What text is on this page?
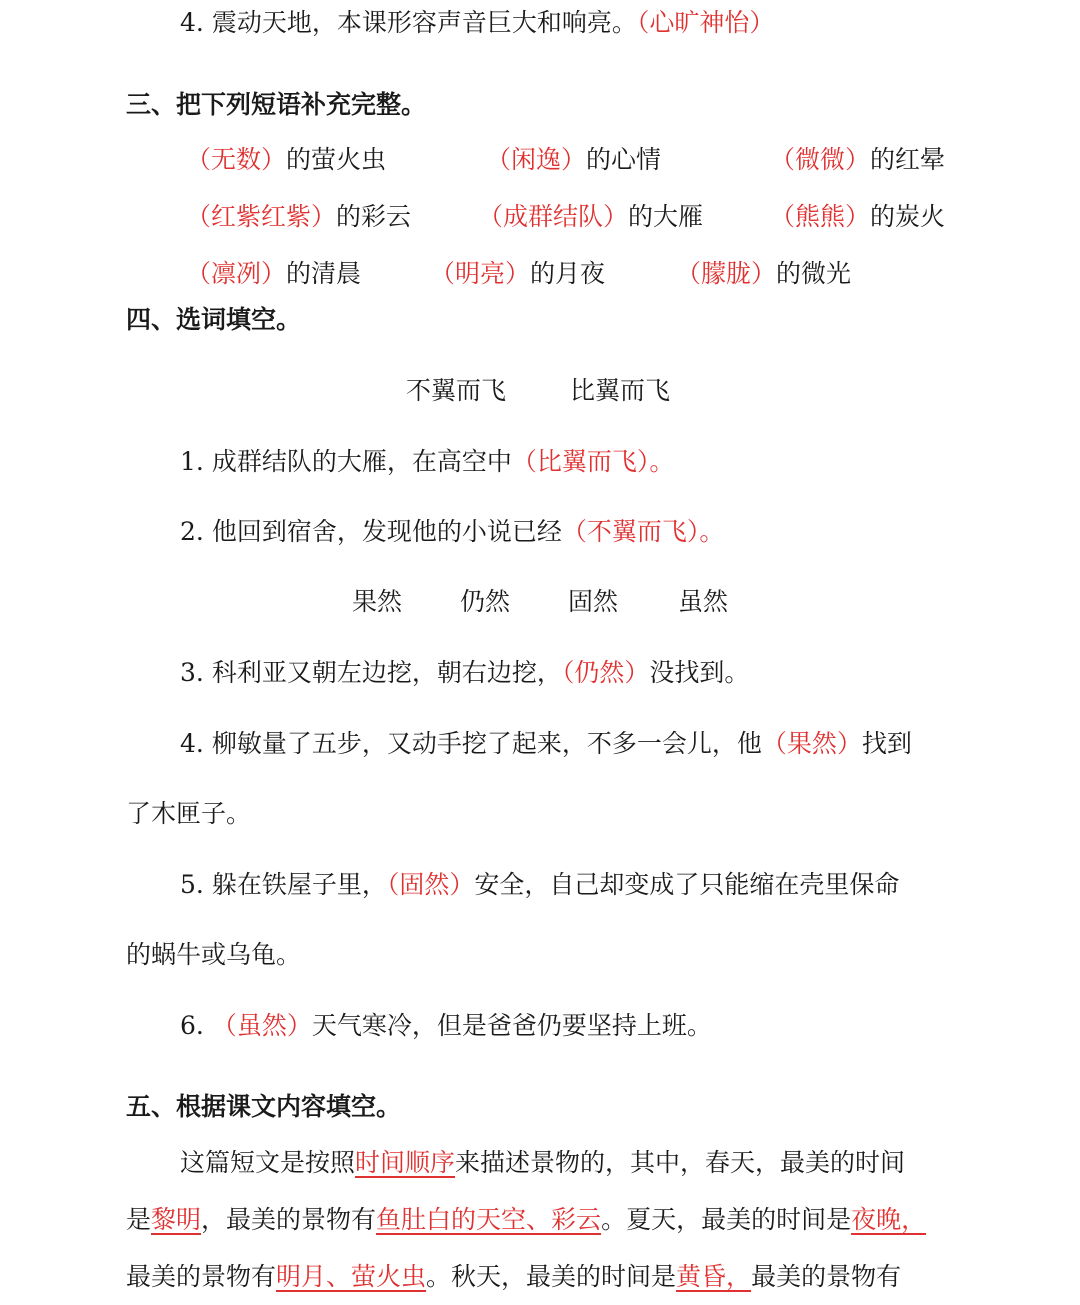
4. 震动天地，本课形容声音巨大和响亮。（心旷神怡）
三、把下列短语补充完整。
（无数）的萤火虫	（闲逸）的心情	（微微）的红晕
（红紫红紫）的彩云	（成群结队）的大雁	（熊熊）的炭火
（凛冽）的清晨	（明亮）的月夜	（朦胧）的微光
四、选词填空。
不翼而飞	比翼而飞
1. 成群结队的大雁，在高空中（比翼而飞）。
2. 他回到宿舍，发现他的小说已经（不翼而飞）。
果然 仍然 固然 虽然
3. 科利亚又朝左边挖，朝右边挖，（仍然）没找到。
4. 柳敏量了五步，又动手挖了起来，不多一会儿，他（果然）找到
了木匣子。
5. 躲在铁屋子里，（固然）安全，自己却变成了只能缩在壳里保命
的蜗牛或乌龟。
6. （虽然）天气寒冷，但是爸爸仍要坚持上班。
五、根据课文内容填空。
这篇短文是按照时间顺序来描述景物的，其中，春天，最美的时间
是黎明，最美的景物有鱼肚白的天空、彩云。夏天，最美的时间是夜晚，
最美的景物有明月、萤火虫。秋天，最美的时间是黄昏，最美的景物有
